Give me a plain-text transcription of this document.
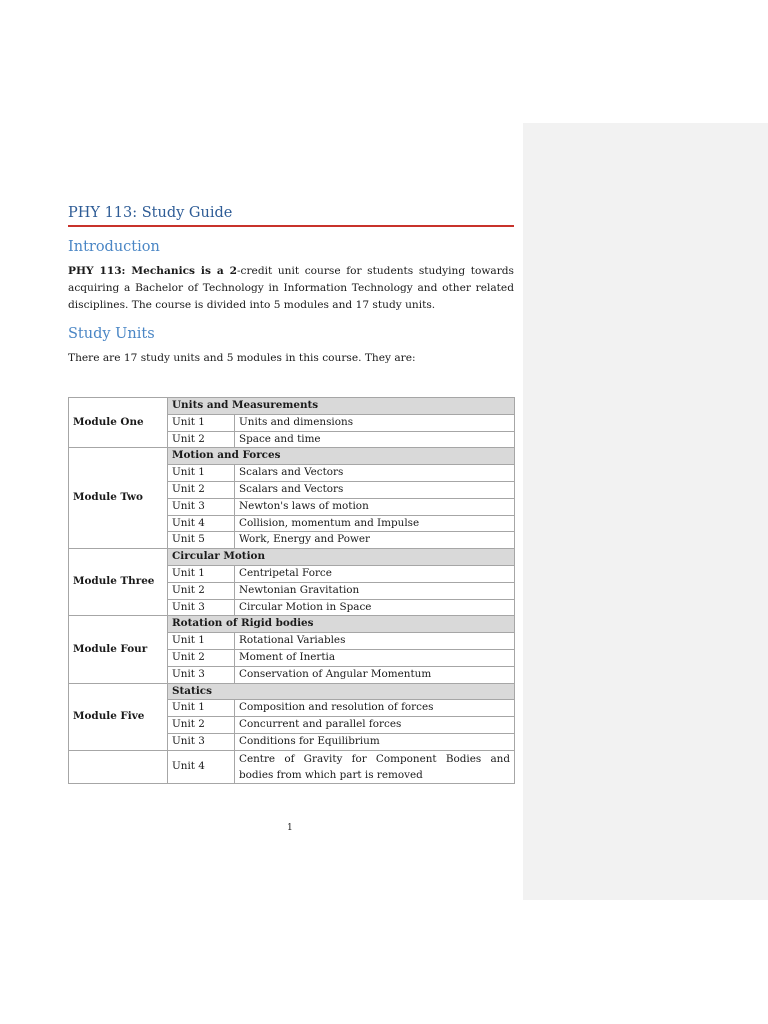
PHY 113: Study Guide
Introduction
PHY 113: Mechanics is a 2-credit unit course for students studying towards acquiring a Bachelor of Technology in Information Technology and other related disciplines. The course is divided into 5 modules and 17 study units.
Study Units
There are 17 study units and 5 modules in this course. They are:
Module One	Units and Measurements	
	Unit 1	Units and dimensions
	Unit 2	Space and time
Module Two	Motion and Forces	
	Unit 1	Scalars and Vectors
	Unit 2	Scalars and Vectors
	Unit 3	Newton's laws of motion
	Unit 4	Collision, momentum and Impulse
	Unit 5	Work, Energy and Power
Module Three	Circular Motion	
	Unit 1	Centripetal Force
	Unit 2	Newtonian Gravitation
	Unit 3	Circular Motion in Space
Module Four	Rotation of Rigid bodies	
	Unit 1	Rotational Variables
	Unit 2	Moment of Inertia
	Unit 3	Conservation of Angular Momentum
Module Five	Statics	
	Unit 1	Composition and resolution of forces
	Unit 2	Concurrent and parallel forces
	Unit 3	Conditions for Equilibrium
	Unit 4	Centre of Gravity for Component Bodies and bodies from which part is removed
1
